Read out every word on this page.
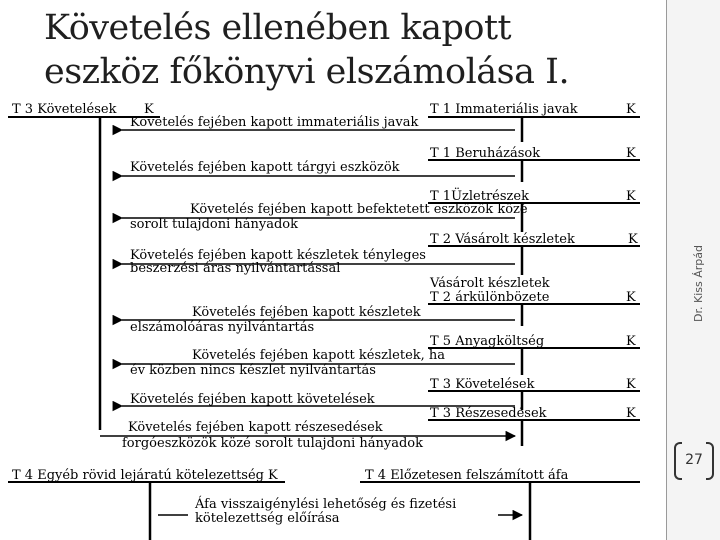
Követelés ellenében kapott
eszköz főkönyvi elszámolása I.
T 3 Követelések K	T 1 Immateriális javak	K
T 1 Beruházások	K
T 1Üzletrészek	K
T 2 Vásárolt készletek	K
Vásárolt készletek
T 2 árkülönbözete	K
T 5 Anyagköltség	K
T 3 Követelések	K
T 3 Részesedések	K
Követelés fejében kapott immateriális javak
Követelés fejében kapott tárgyi eszközök
Követelés fejében kapott befektetett eszközök közé
sorolt tulajdoni hányadok
Követelés fejében kapott készletek tényleges
beszerzési áras nyilvántartással
Követelés fejében kapott készletek
elszámolóáras nyilvántartás
Követelés fejében kapott készletek, ha
év közben nincs készlet nyilvántartás
Követelés fejében kapott követelések
Követelés fejében kapott részesedések
forgóeszközök közé sorolt tulajdoni hányadok
T 4 Egyéb rövid lejáratú kötelezettség K	T 4 Előzetesen felszámított áfa
Áfa visszaigénylési lehetőség és fizetési
kötelezettség előírása
Dr. Kiss Árpád
27
